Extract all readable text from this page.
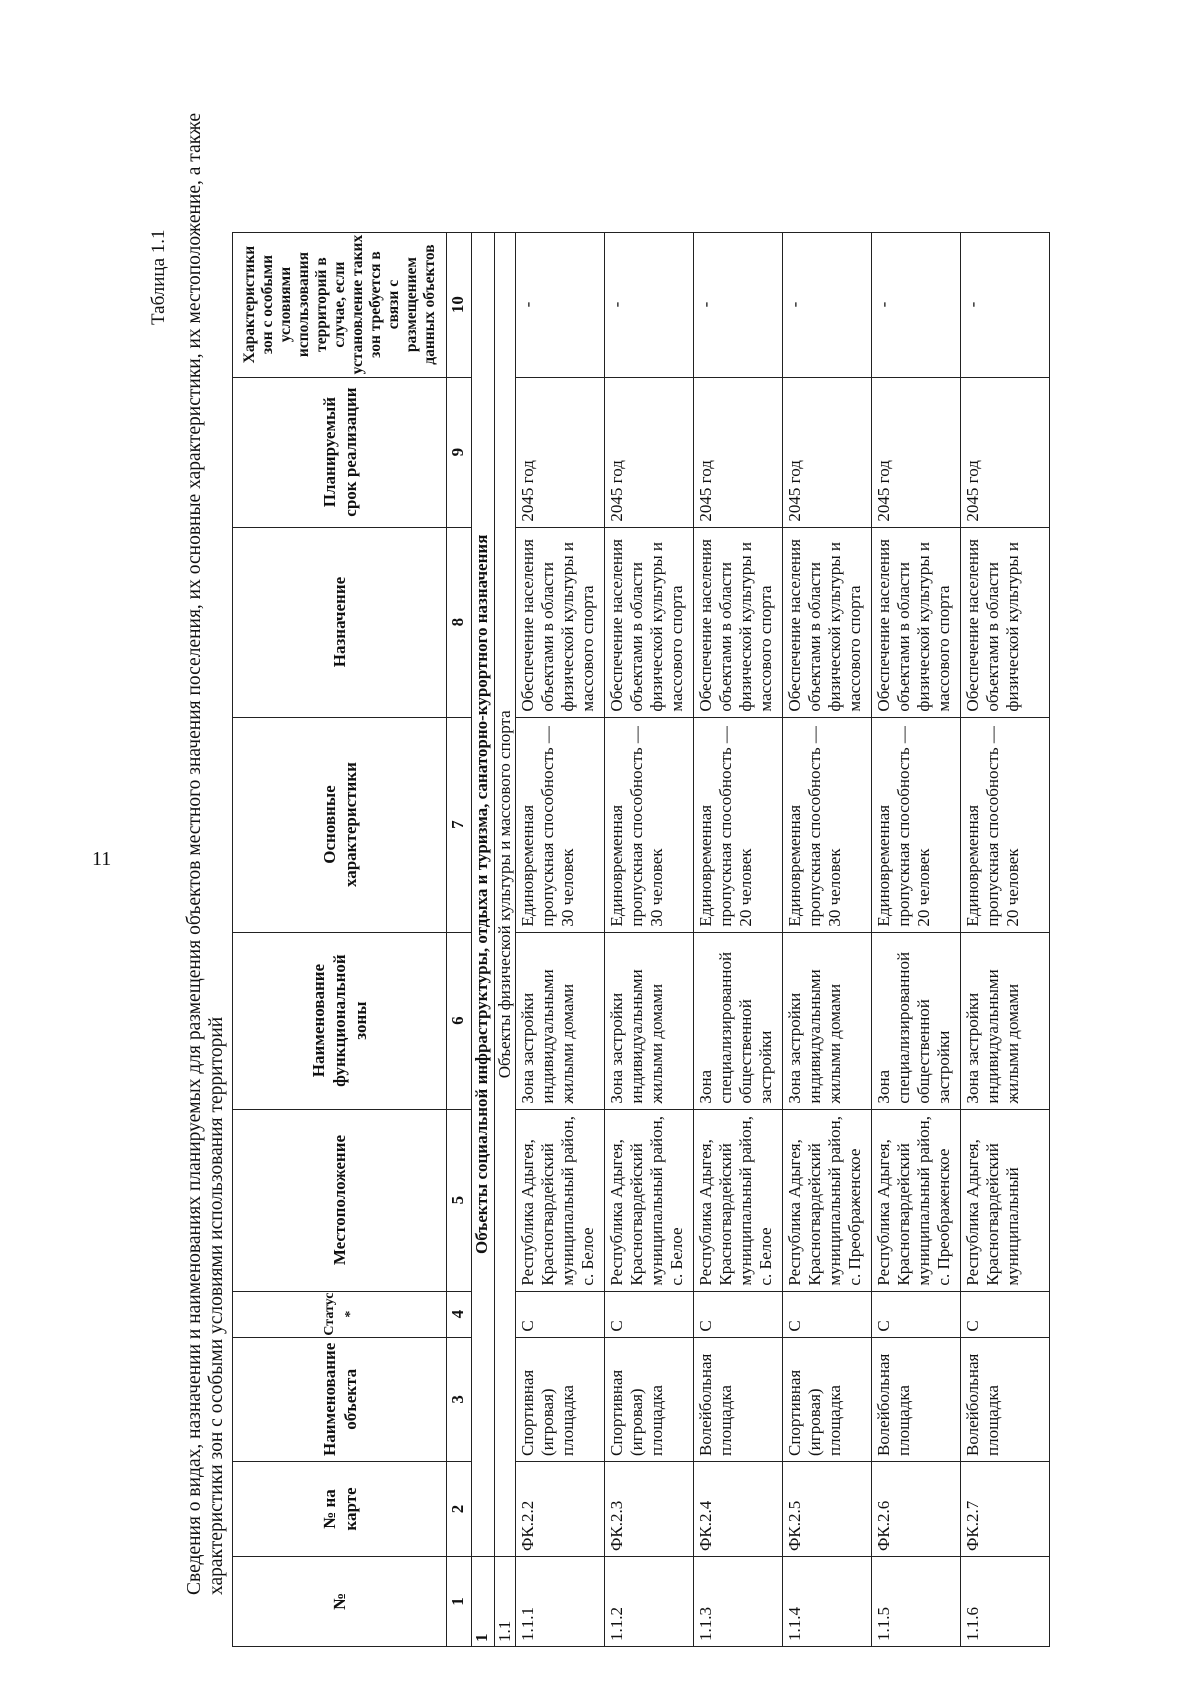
11
Таблица 1.1 Сведения о видах, назначении и наименованиях планируемых для размещения объектов местного значения поселения, их основные характеристики, их местоположение, а также характеристики зон с особыми условиями использования территорий
№	№ на карте	Наименование объекта	Статус *	Местоположение	Наименование функциональной зоны	Основные характеристики	Назначение	Планируемый срок реализации	Характеристики зон с особыми условиями использования территорий в случае, если установление таких зон требуется в связи с размещением данных объектов
1	2	3	4	5	6	7	8	9	10
1	Объекты социальной инфраструктуры, отдыха и туризма, санаторно-курортного назначения								
1.1	Объекты физической культуры и массового спорта								
1.1.1	ФК.2.2	Спортивная (игровая) площадка	С	Республика Адыгея, Красногвардейский муниципальный район, с. Белое	Зона застройки индивидуальными жилыми домами	Единовременная пропускная способность — 30 человек	Обеспечение населения объектами в области физической культуры и массового спорта	2045 год	-
1.1.2	ФК.2.3	Спортивная (игровая) площадка	С	Республика Адыгея, Красногвардейский муниципальный район, с. Белое	Зона застройки индивидуальными жилыми домами	Единовременная пропускная способность — 30 человек	Обеспечение населения объектами в области физической культуры и массового спорта	2045 год	-
1.1.3	ФК.2.4	Волейбольная площадка	С	Республика Адыгея, Красногвардейский муниципальный район, с. Белое	Зона специализированной общественной застройки	Единовременная пропускная способность — 20 человек	Обеспечение населения объектами в области физической культуры и массового спорта	2045 год	-
1.1.4	ФК.2.5	Спортивная (игровая) площадка	С	Республика Адыгея, Красногвардейский муниципальный район, с. Преображенское	Зона застройки индивидуальными жилыми домами	Единовременная пропускная способность — 30 человек	Обеспечение населения объектами в области физической культуры и массового спорта	2045 год	-
1.1.5	ФК.2.6	Волейбольная площадка	С	Республика Адыгея, Красногвардейский муниципальный район, с. Преображенское	Зона специализированной общественной застройки	Единовременная пропускная способность — 20 человек	Обеспечение населения объектами в области физической культуры и массового спорта	2045 год	-
1.1.6	ФК.2.7	Волейбольная площадка	С	Республика Адыгея, Красногвардейский муниципальный	Зона застройки индивидуальными жилыми домами	Единовременная пропускная способность — 20 человек	Обеспечение населения объектами в области физической культуры и	2045 год	-
